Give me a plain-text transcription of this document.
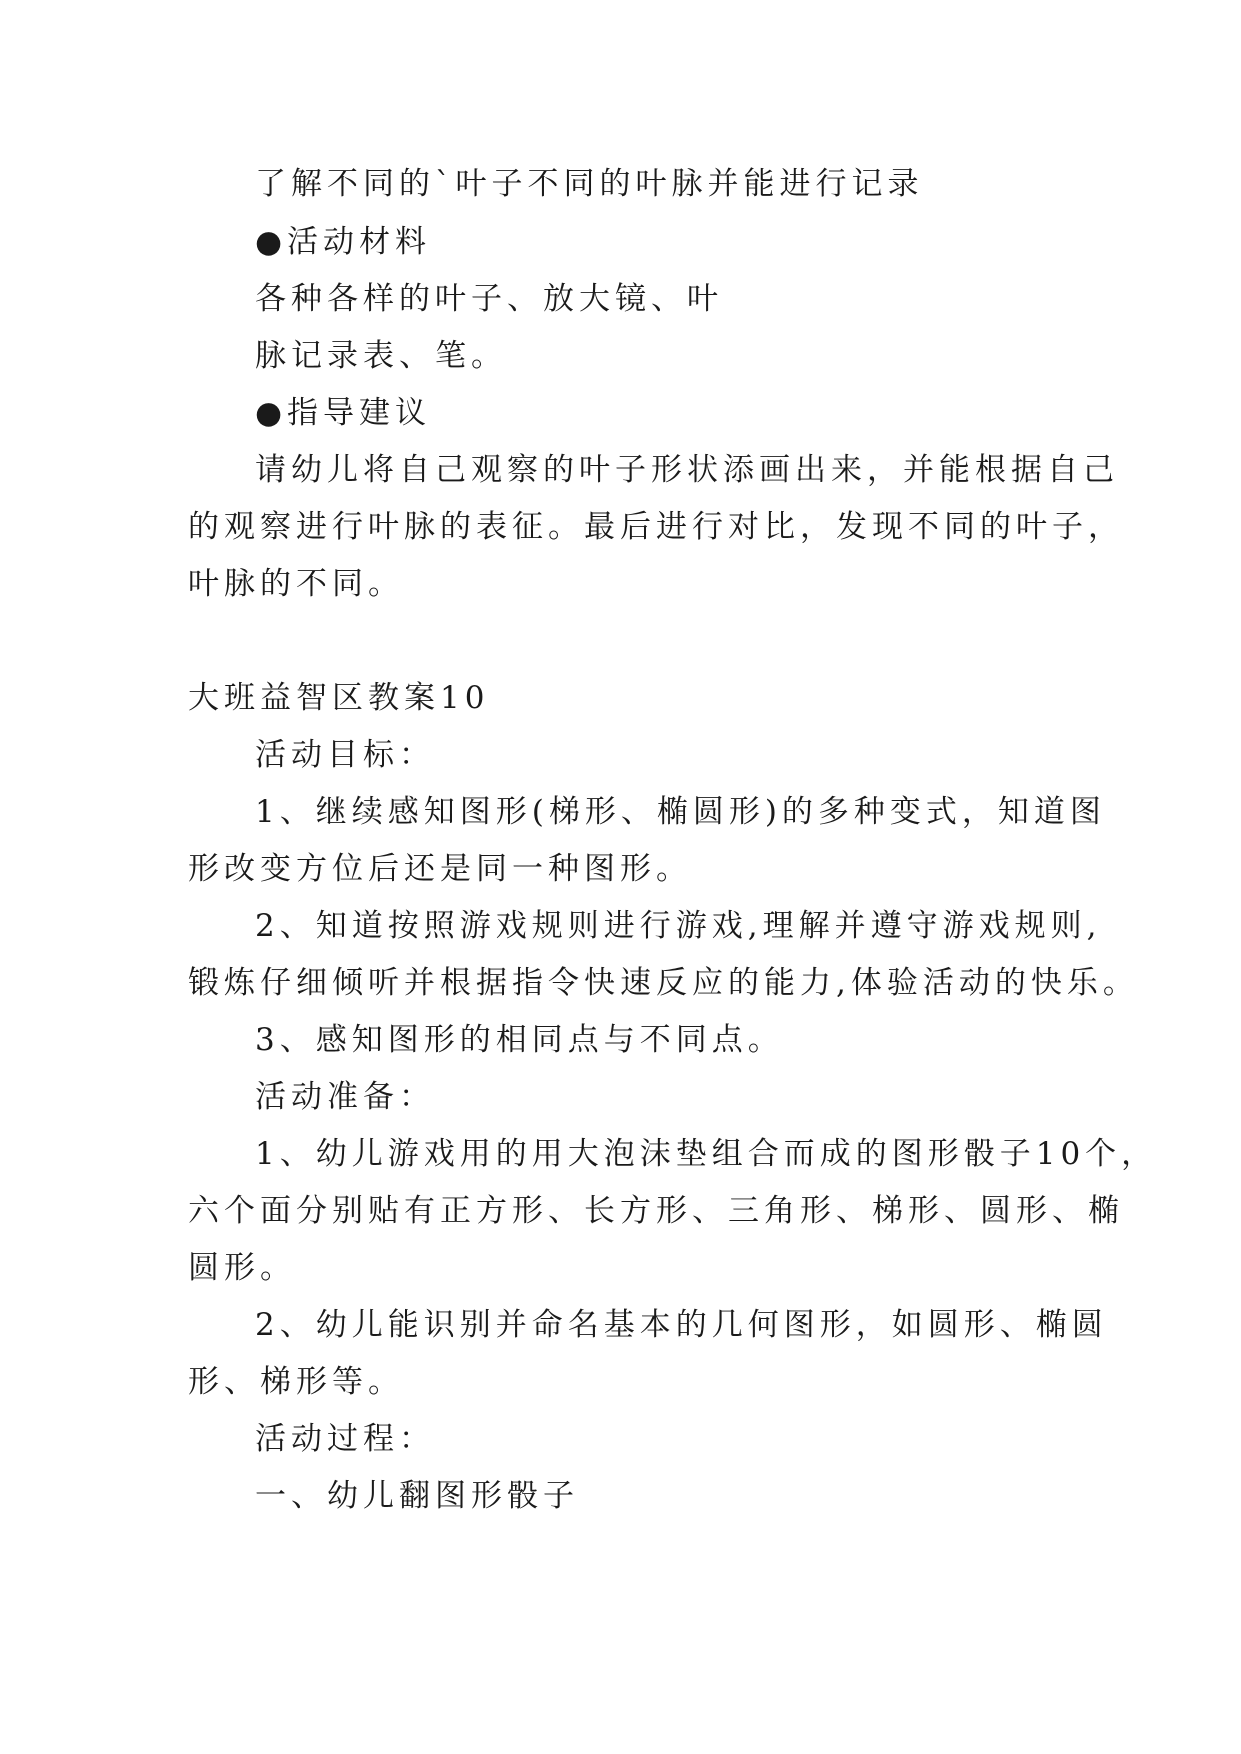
了解不同的`叶子不同的叶脉并能进行记录
●活动材料
各种各样的叶子、放大镜、叶
脉记录表、笔。
●指导建议
请幼儿将自己观察的叶子形状添画出来，并能根据自己
的观察进行叶脉的表征。最后进行对比，发现不同的叶子，
叶脉的不同。
大班益智区教案10
活动目标：
1、继续感知图形(梯形、椭圆形)的多种变式，知道图
形改变方位后还是同一种图形。
2、知道按照游戏规则进行游戏,理解并遵守游戏规则,
锻炼仔细倾听并根据指令快速反应的能力,体验活动的快乐。
3、感知图形的相同点与不同点。
活动准备：
1、幼儿游戏用的用大泡沫垫组合而成的图形骰子10个，
六个面分别贴有正方形、长方形、三角形、梯形、圆形、椭
圆形。
2、幼儿能识别并命名基本的几何图形，如圆形、椭圆
形、梯形等。
活动过程：
一、幼儿翻图形骰子
